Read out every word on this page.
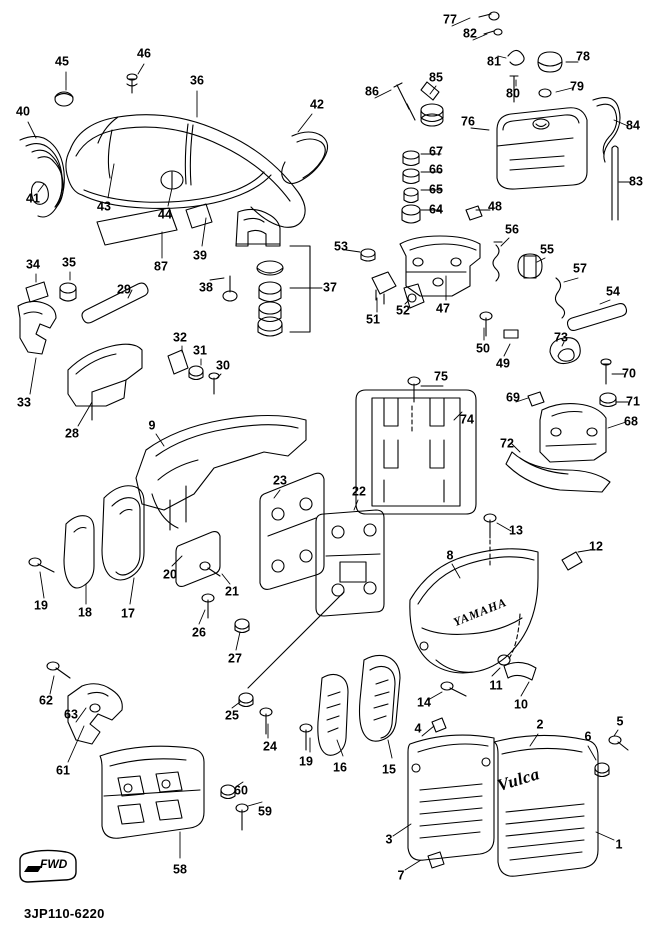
FWD
YAMAHA
Vulca
3JP110-6220
77
82
46
81	78
45
36
86
85
80	79
42
40
76	84
67
66
83
43
41
65
44	64	48
39
53
56
55
87	57
34 35
38	37	54
29
51
52 47
32
31	50
49
73
30
70
33
75
69	71
74
28
9	68
72
23
22
13
12
8
20
21
19 18 17
26
27
11
10
62
63	25
24
14
4	2
6
5
61
19 16	15
60
59
3	1
58	7
